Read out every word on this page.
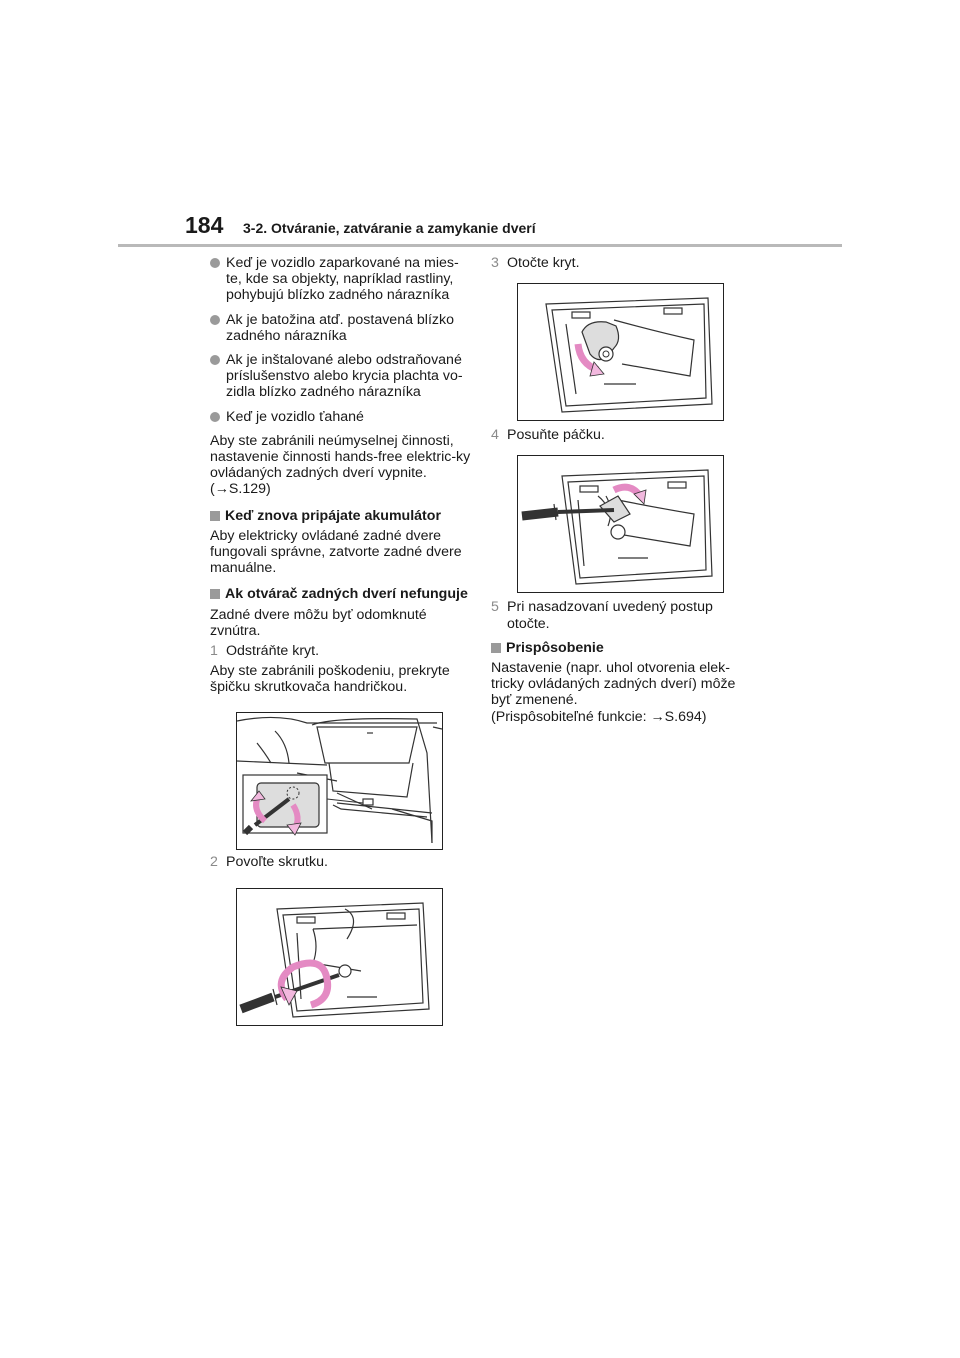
184	3-2. Otváranie, zatváranie a zamykanie dverí
Keď je vozidlo zaparkované na mies-te, kde sa objekty, napríklad rastliny, pohybujú blízko zadného nárazníka
Ak je batožina atď. postavená blízko zadného nárazníka
Ak je inštalované alebo odstraňované príslušenstvo alebo krycia plachta vo-zidla blízko zadného nárazníka
Keď je vozidlo ťahané
Aby ste zabránili neúmyselnej činnosti, nastavenie činnosti hands-free elektric-ky ovládaných zadných dverí vypnite.
(→S.129)
Keď znova pripájate akumulátor
Aby elektricky ovládané zadné dvere fungovali správne, zatvorte zadné dvere manuálne.
Ak otvárač zadných dverí nefunguje
Zadné dvere môžu byť odomknuté zvnútra.
1 Odstráňte kryt.
Aby ste zabránili poškodeniu, prekryte špičku skrutkovača handričkou.
2 Povoľte skrutku.
3 Otočte kryt.
4 Posuňte páčku.
5 Pri nasadzovaní uvedený postup otočte.
Prispôsobenie
Nastavenie (napr. uhol otvorenia elek-tricky ovládaných zadných dverí) môže byť zmenené.
(Prispôsobiteľné funkcie: →S.694)
